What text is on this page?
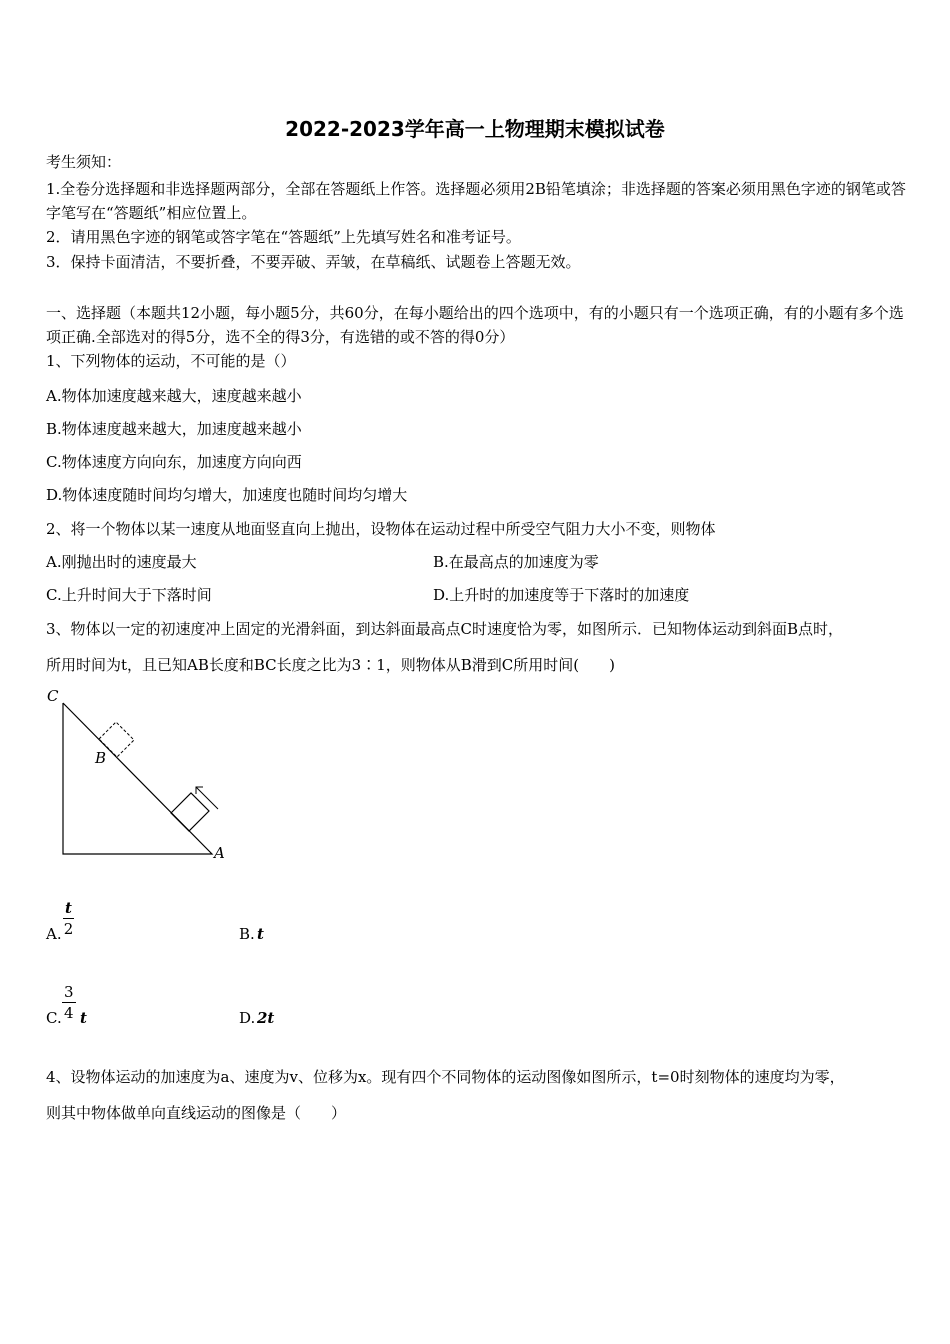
2022-2023学年高一上物理期末模拟试卷
考生须知：
1.全卷分选择题和非选择题两部分，全部在答题纸上作答。选择题必须用2B铅笔填涂；非选择题的答案必须用黑色字迹的钢笔或答字笔写在“答题纸”相应位置上。
2．请用黑色字迹的钢笔或答字笔在“答题纸”上先填写姓名和准考证号。
3．保持卡面清洁，不要折叠，不要弄破、弄皱，在草稿纸、试题卷上答题无效。
一、选择题（本题共12小题，每小题5分，共60分，在每小题给出的四个选项中，有的小题只有一个选项正确，有的小题有多个选项正确.全部选对的得5分，选不全的得3分，有选错的或不答的得0分）
1、下列物体的运动，不可能的是（）
A.物体加速度越来越大，速度越来越小
B.物体速度越来越大，加速度越来越小
C.物体速度方向向东，加速度方向向西
D.物体速度随时间均匀增大，加速度也随时间均匀增大
2、将一个物体以某一速度从地面竖直向上抛出，设物体在运动过程中所受空气阻力大小不变，则物体
A.刚抛出时的速度最大	B.在最高点的加速度为零
C.上升时间大于下落时间	D.上升时的加速度等于下落时的加速度
3、物体以一定的初速度冲上固定的光滑斜面，到达斜面最高点C时速度恰为零，如图所示．已知物体运动到斜面B点时，
所用时间为t，且已知AB长度和BC长度之比为3∶1，则物体从B滑到C所用时间(　　)
C
B
A
A.
t
2	B. t
C.
3
4 t	D. 2t
4、设物体运动的加速度为a、速度为v、位移为x。现有四个不同物体的运动图像如图所示，t=0时刻物体的速度均为零，
则其中物体做单向直线运动的图像是（　　）
